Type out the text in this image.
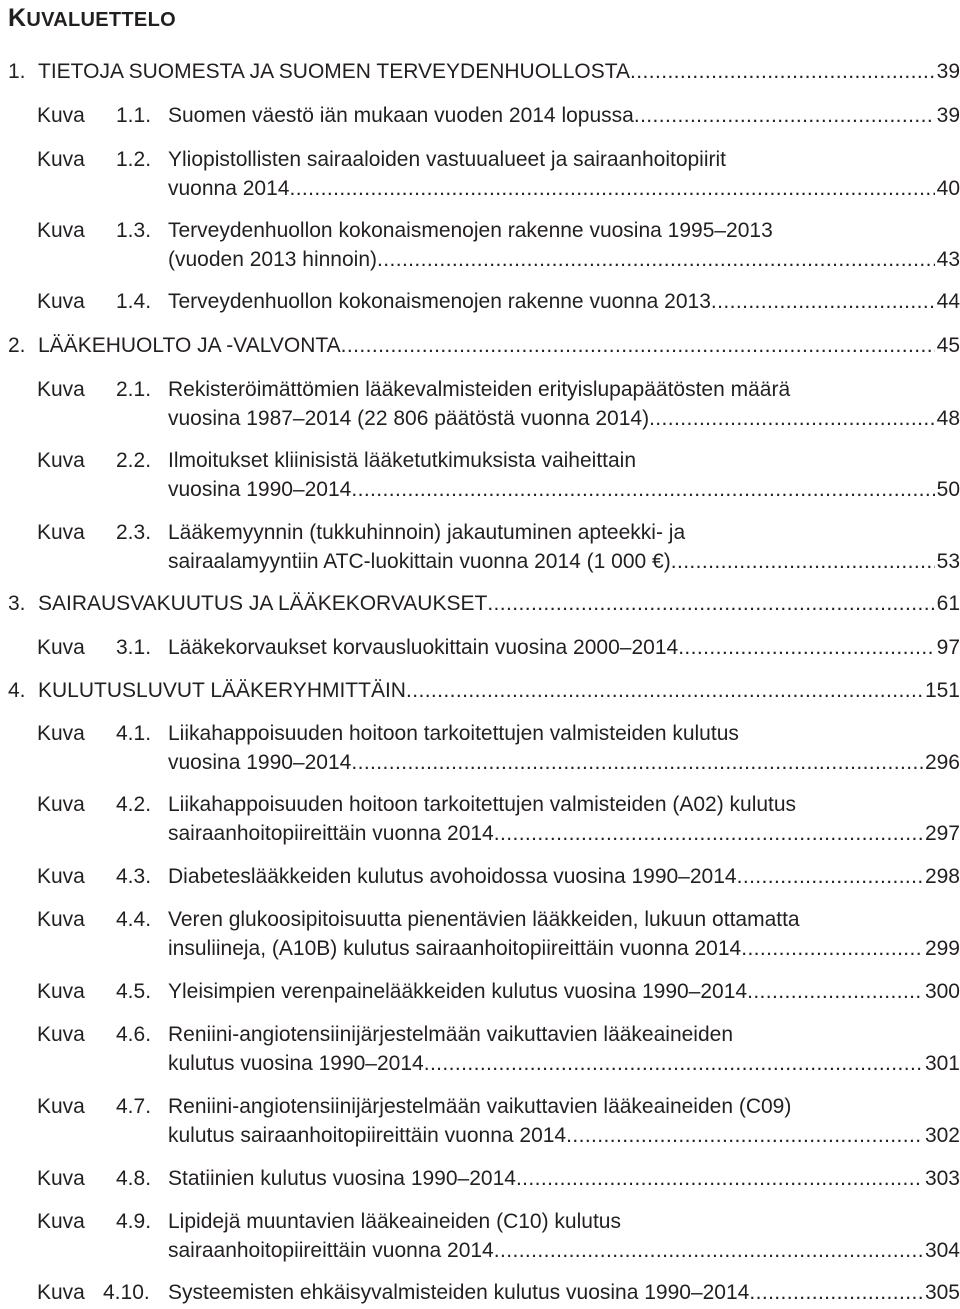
KUVALUETTELO
1. TIETOJA SUOMESTA JA SUOMEN TERVEYDENHUOLLOSTA .....	39
Kuva 1.1. Suomen väestö iän mukaan vuoden 2014 lopussa .....	39
Kuva 1.2. Yliopistollisten sairaaloiden vastuualueet ja sairaanhoitopiirit
vuonna 2014 .....	40
Kuva 1.3. Terveydenhuollon kokonaismenojen rakenne vuosina 1995–2013
(vuoden 2013 hinnoin) .....	43
Kuva 1.4. Terveydenhuollon kokonaismenojen rakenne vuonna 2013 .....	44
2. LÄÄKEHUOLTO JA -VALVONTA .....	45
Kuva 2.1. Rekisteröimättömien lääkevalmisteiden erityislupapäätösten määrä
vuosina 1987–2014 (22 806 päätöstä vuonna 2014) .....	48
Kuva 2.2. Ilmoitukset kliinisistä lääketutkimuksista vaiheittain
vuosina 1990–2014 .....	50
Kuva 2.3. Lääkemyynnin (tukkuhinnoin) jakautuminen apteekki- ja
sairaalamyyntiin ATC-luokittain vuonna 2014 (1 000 €) .....	53
3. SAIRAUSVAKUUTUS JA LÄÄKEKORVAUKSET .....	61
Kuva 3.1. Lääkekorvaukset korvausluokittain vuosina 2000–2014 .....	97
4. KULUTUSLUVUT LÄÄKERYHMITTÄIN .....	151
Kuva 4.1. Liikahappoisuuden hoitoon tarkoitettujen valmisteiden kulutus
vuosina 1990–2014 .....	296
Kuva 4.2. Liikahappoisuuden hoitoon tarkoitettujen valmisteiden (A02) kulutus
sairaanhoitopiireittäin vuonna 2014 .....	297
Kuva 4.3. Diabeteslääkkeiden kulutus avohoidossa vuosina 1990–2014 .....	298
Kuva 4.4. Veren glukoosipitoisuutta pienentävien lääkkeiden, lukuun ottamatta
insuliineja, (A10B) kulutus sairaanhoitopiireittäin vuonna 2014 .....	299
Kuva 4.5. Yleisimpien verenpainelääkkeiden kulutus vuosina 1990–2014 .....	300
Kuva 4.6. Reniini-angiotensiinijärjestelmään vaikuttavien lääkeaineiden
kulutus vuosina 1990–2014 .....	301
Kuva 4.7. Reniini-angiotensiinijärjestelmään vaikuttavien lääkeaineiden (C09)
kulutus sairaanhoitopiireittäin vuonna 2014 .....	302
Kuva 4.8. Statiinien kulutus vuosina 1990–2014 .....	303
Kuva 4.9. Lipidejä muuntavien lääkeaineiden (C10) kulutus
sairaanhoitopiireittäin vuonna 2014 .....	304
Kuva 4.10. Systeemisten ehkäisyvalmisteiden kulutus vuosina 1990–2014 .....	305
